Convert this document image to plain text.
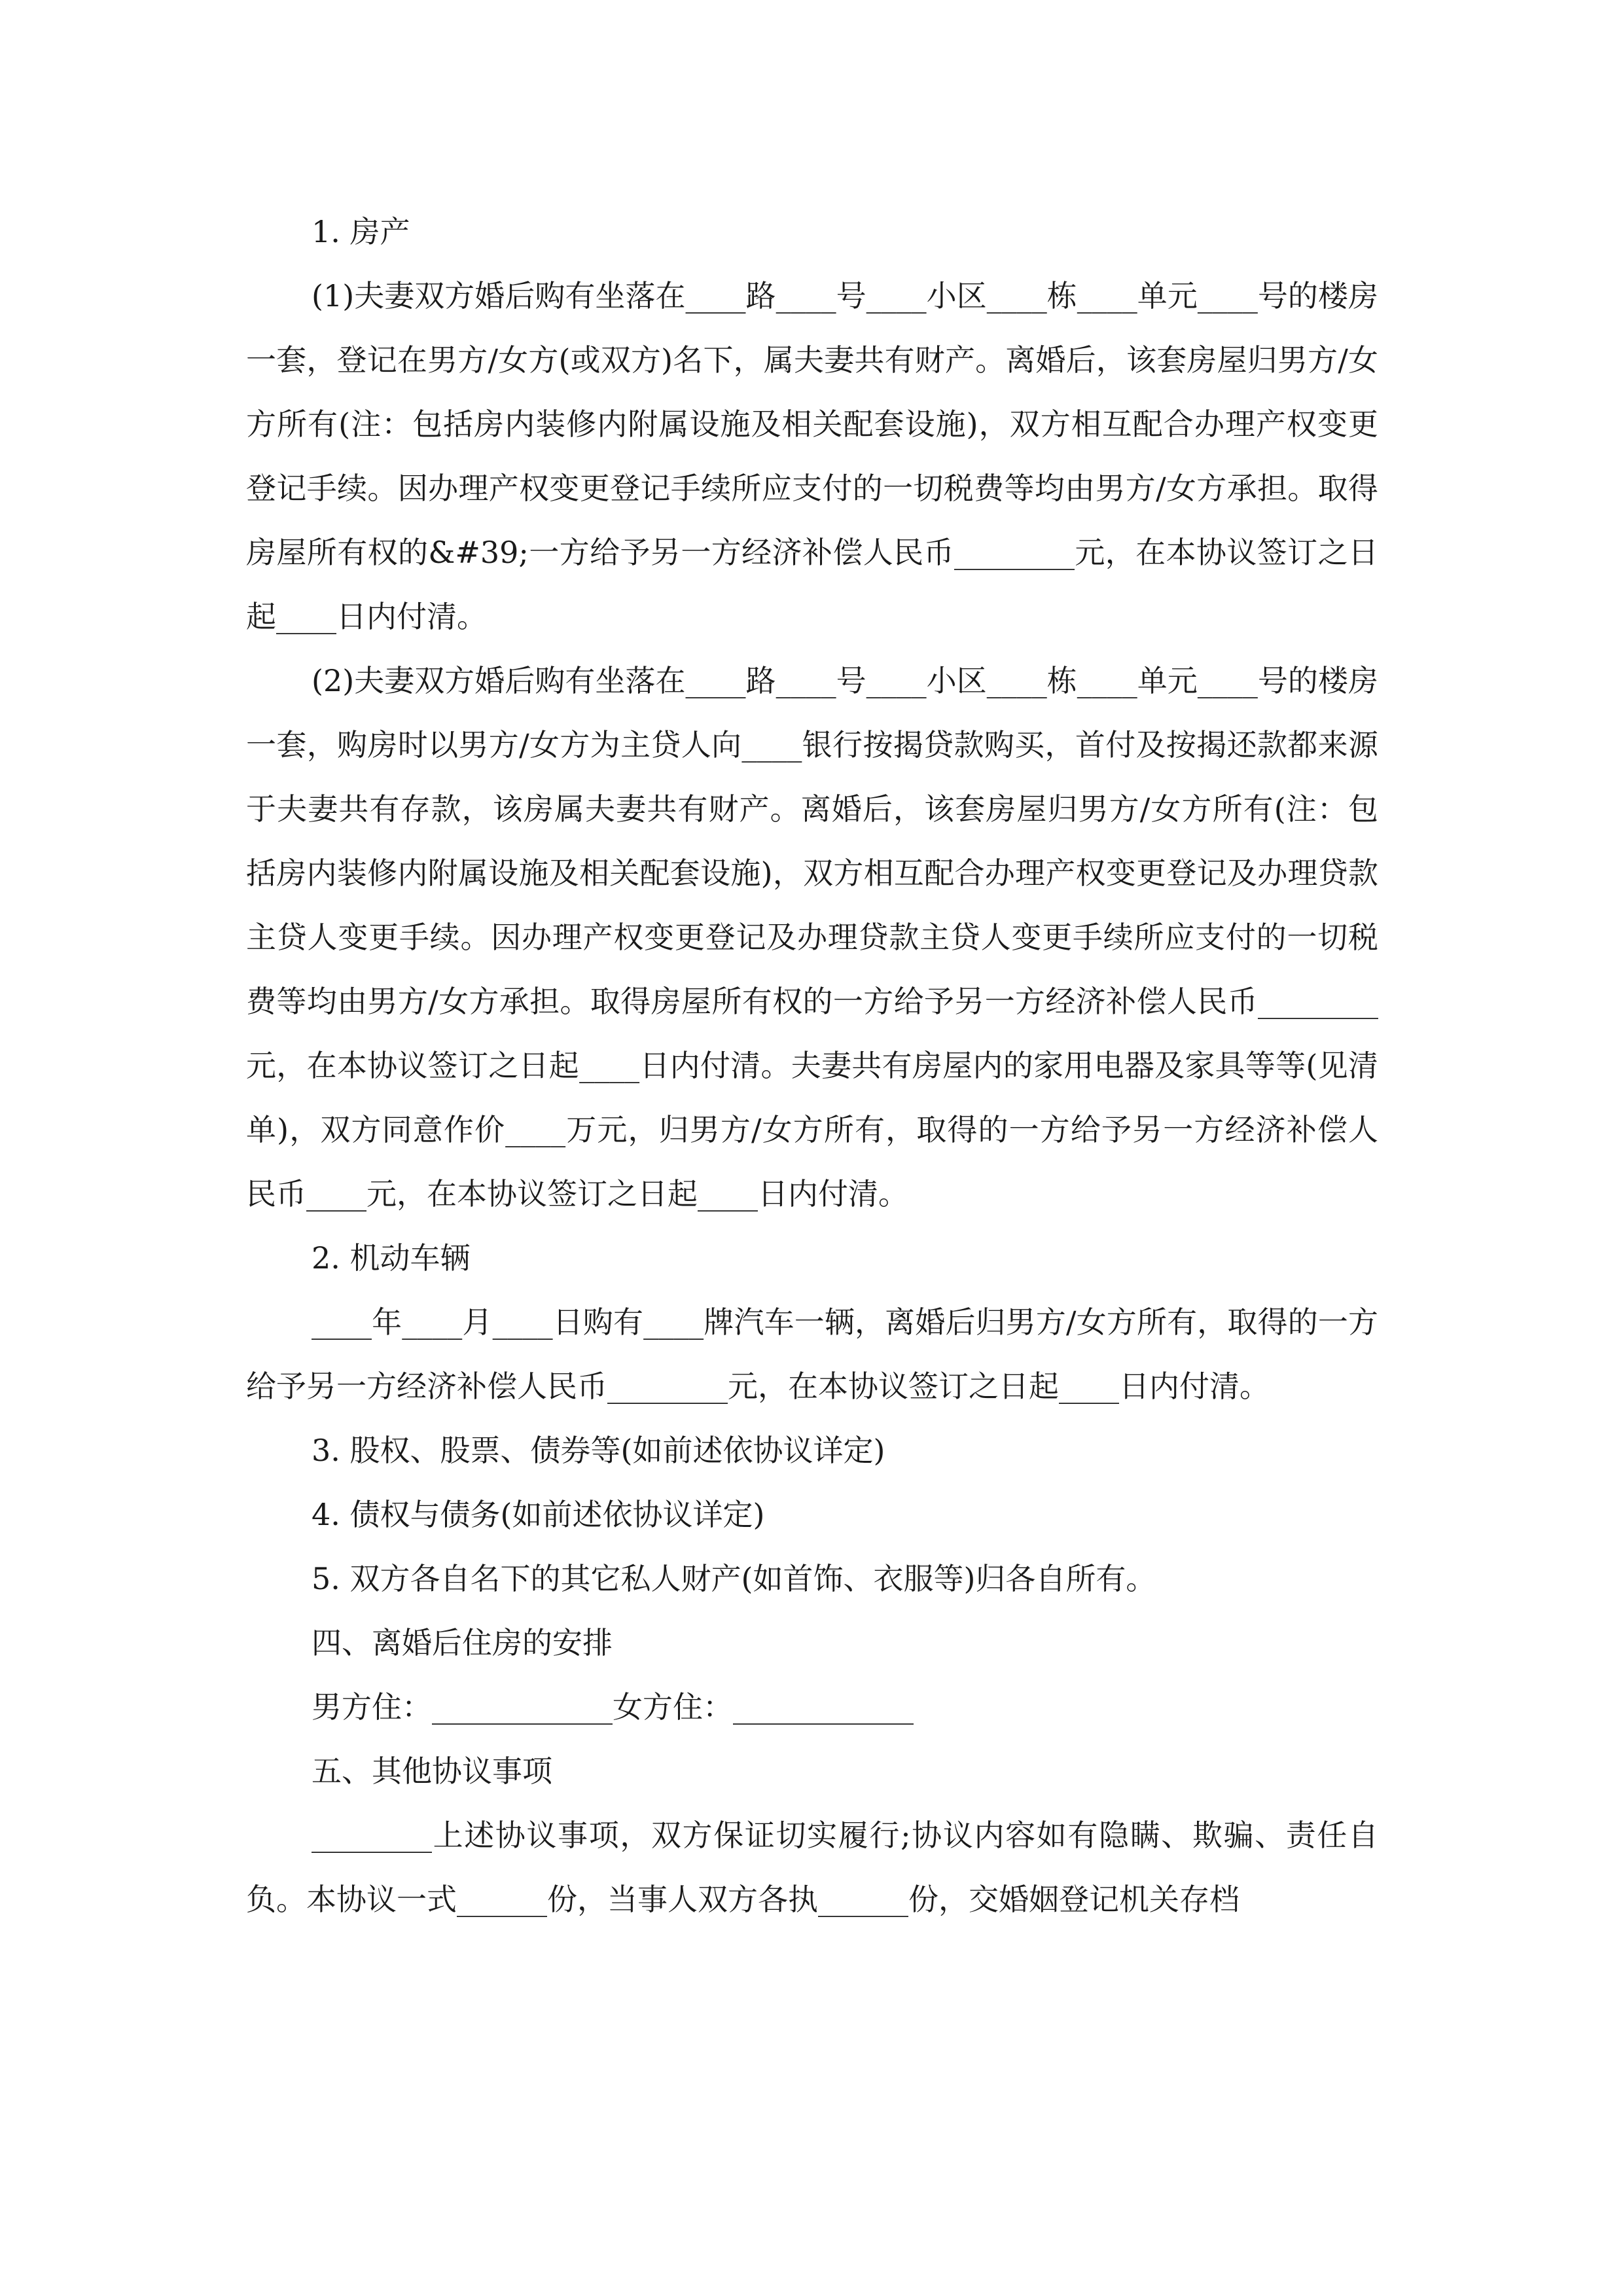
1. 房产

(1)夫妻双方婚后购有坐落在____路____号____小区____栋____单元____号的楼房一套，登记在男方/女方(或双方)名下，属夫妻共有财产。离婚后，该套房屋归男方/女方所有(注：包括房内装修内附属设施及相关配套设施)，双方相互配合办理产权变更登记手续。因办理产权变更登记手续所应支付的一切税费等均由男方/女方承担。取得房屋所有权的&#39;一方给予另一方经济补偿人民币________元，在本协议签订之日起____日内付清。

(2)夫妻双方婚后购有坐落在____路____号____小区____栋____单元____号的楼房一套，购房时以男方/女方为主贷人向____银行按揭贷款购买，首付及按揭还款都来源于夫妻共有存款，该房属夫妻共有财产。离婚后，该套房屋归男方/女方所有(注：包括房内装修内附属设施及相关配套设施)，双方相互配合办理产权变更登记及办理贷款主贷人变更手续。因办理产权变更登记及办理贷款主贷人变更手续所应支付的一切税费等均由男方/女方承担。取得房屋所有权的一方给予另一方经济补偿人民币________元，在本协议签订之日起____日内付清。夫妻共有房屋内的家用电器及家具等等(见清单)，双方同意作价____万元，归男方/女方所有，取得的一方给予另一方经济补偿人民币____元，在本协议签订之日起____日内付清。

2. 机动车辆

____年____月____日购有____牌汽车一辆，离婚后归男方/女方所有，取得的一方给予另一方经济补偿人民币________元，在本协议签订之日起____日内付清。

3. 股权、股票、债券等(如前述依协议详定)

4. 债权与债务(如前述依协议详定)

5. 双方各自名下的其它私人财产(如首饰、衣服等)归各自所有。

四、离婚后住房的安排

男方住：____________女方住：____________

五、其他协议事项

________上述协议事项，双方保证切实履行;协议内容如有隐瞒、欺骗、责任自负。本协议一式______份，当事人双方各执______份，交婚姻登记机关存档
